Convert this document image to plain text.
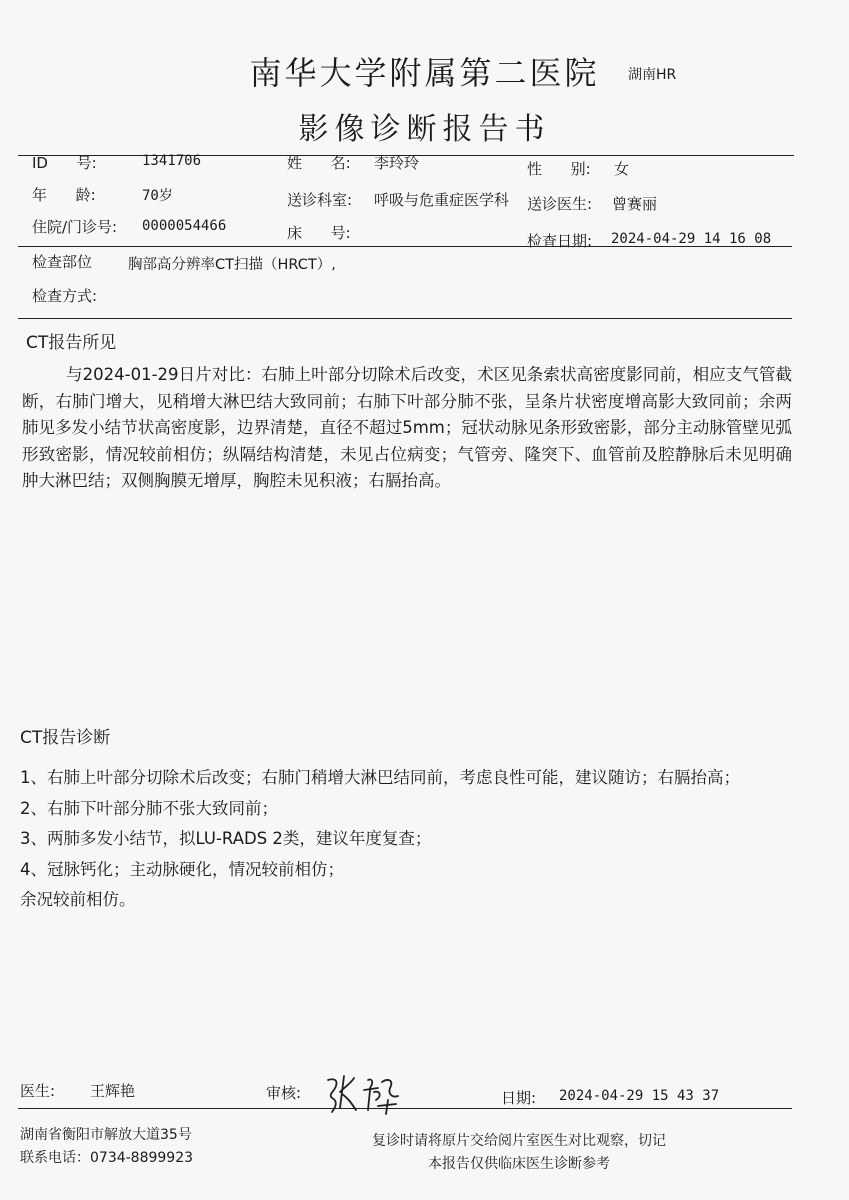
南华大学附属第二医院	湖南HR
影像诊断报告书
ID      号:	1341706	姓      名: 李玲玲	性      别: 女
年      龄:	70岁	送诊科室: 呼吸与危重症医学科 送诊医生: 曾赛丽
住院/门诊号: 0000054466	床      号:	检查日期: 2024-04-29 14 16 08
检查部位 胸部高分辨率CT扫描（HRCT）,
检查方式:
CT报告所见
与2024-01-29日片对比：右肺上叶部分切除术后改变，术区见条索状高密度影同前，相应支气管截断，右肺门增大，见稍增大淋巴结大致同前；右肺下叶部分肺不张，呈条片状密度增高影大致同前；余两肺见多发小结节状高密度影，边界清楚，直径不超过5mm；冠状动脉见条形致密影，部分主动脉管壁见弧形致密影，情况较前相仿；纵隔结构清楚，未见占位病变；气管旁、隆突下、血管前及腔静脉后未见明确肿大淋巴结；双侧胸膜无增厚，胸腔未见积液；右膈抬高。
CT报告诊断
1、右肺上叶部分切除术后改变；右肺门稍增大淋巴结同前，考虑良性可能，建议随访；右膈抬高；
2、右肺下叶部分肺不张大致同前；
3、两肺多发小结节，拟LU-RADS 2类，建议年度复查；
4、冠脉钙化；主动脉硬化，情况较前相仿；
余况较前相仿。
医生: 王辉艳	审核:	日期: 2024-04-29 15 43 37
湖南省衡阳市解放大道35号
联系电话：0734-8899923
复诊时请将原片交给阅片室医生对比观察，切记
本报告仅供临床医生诊断参考
